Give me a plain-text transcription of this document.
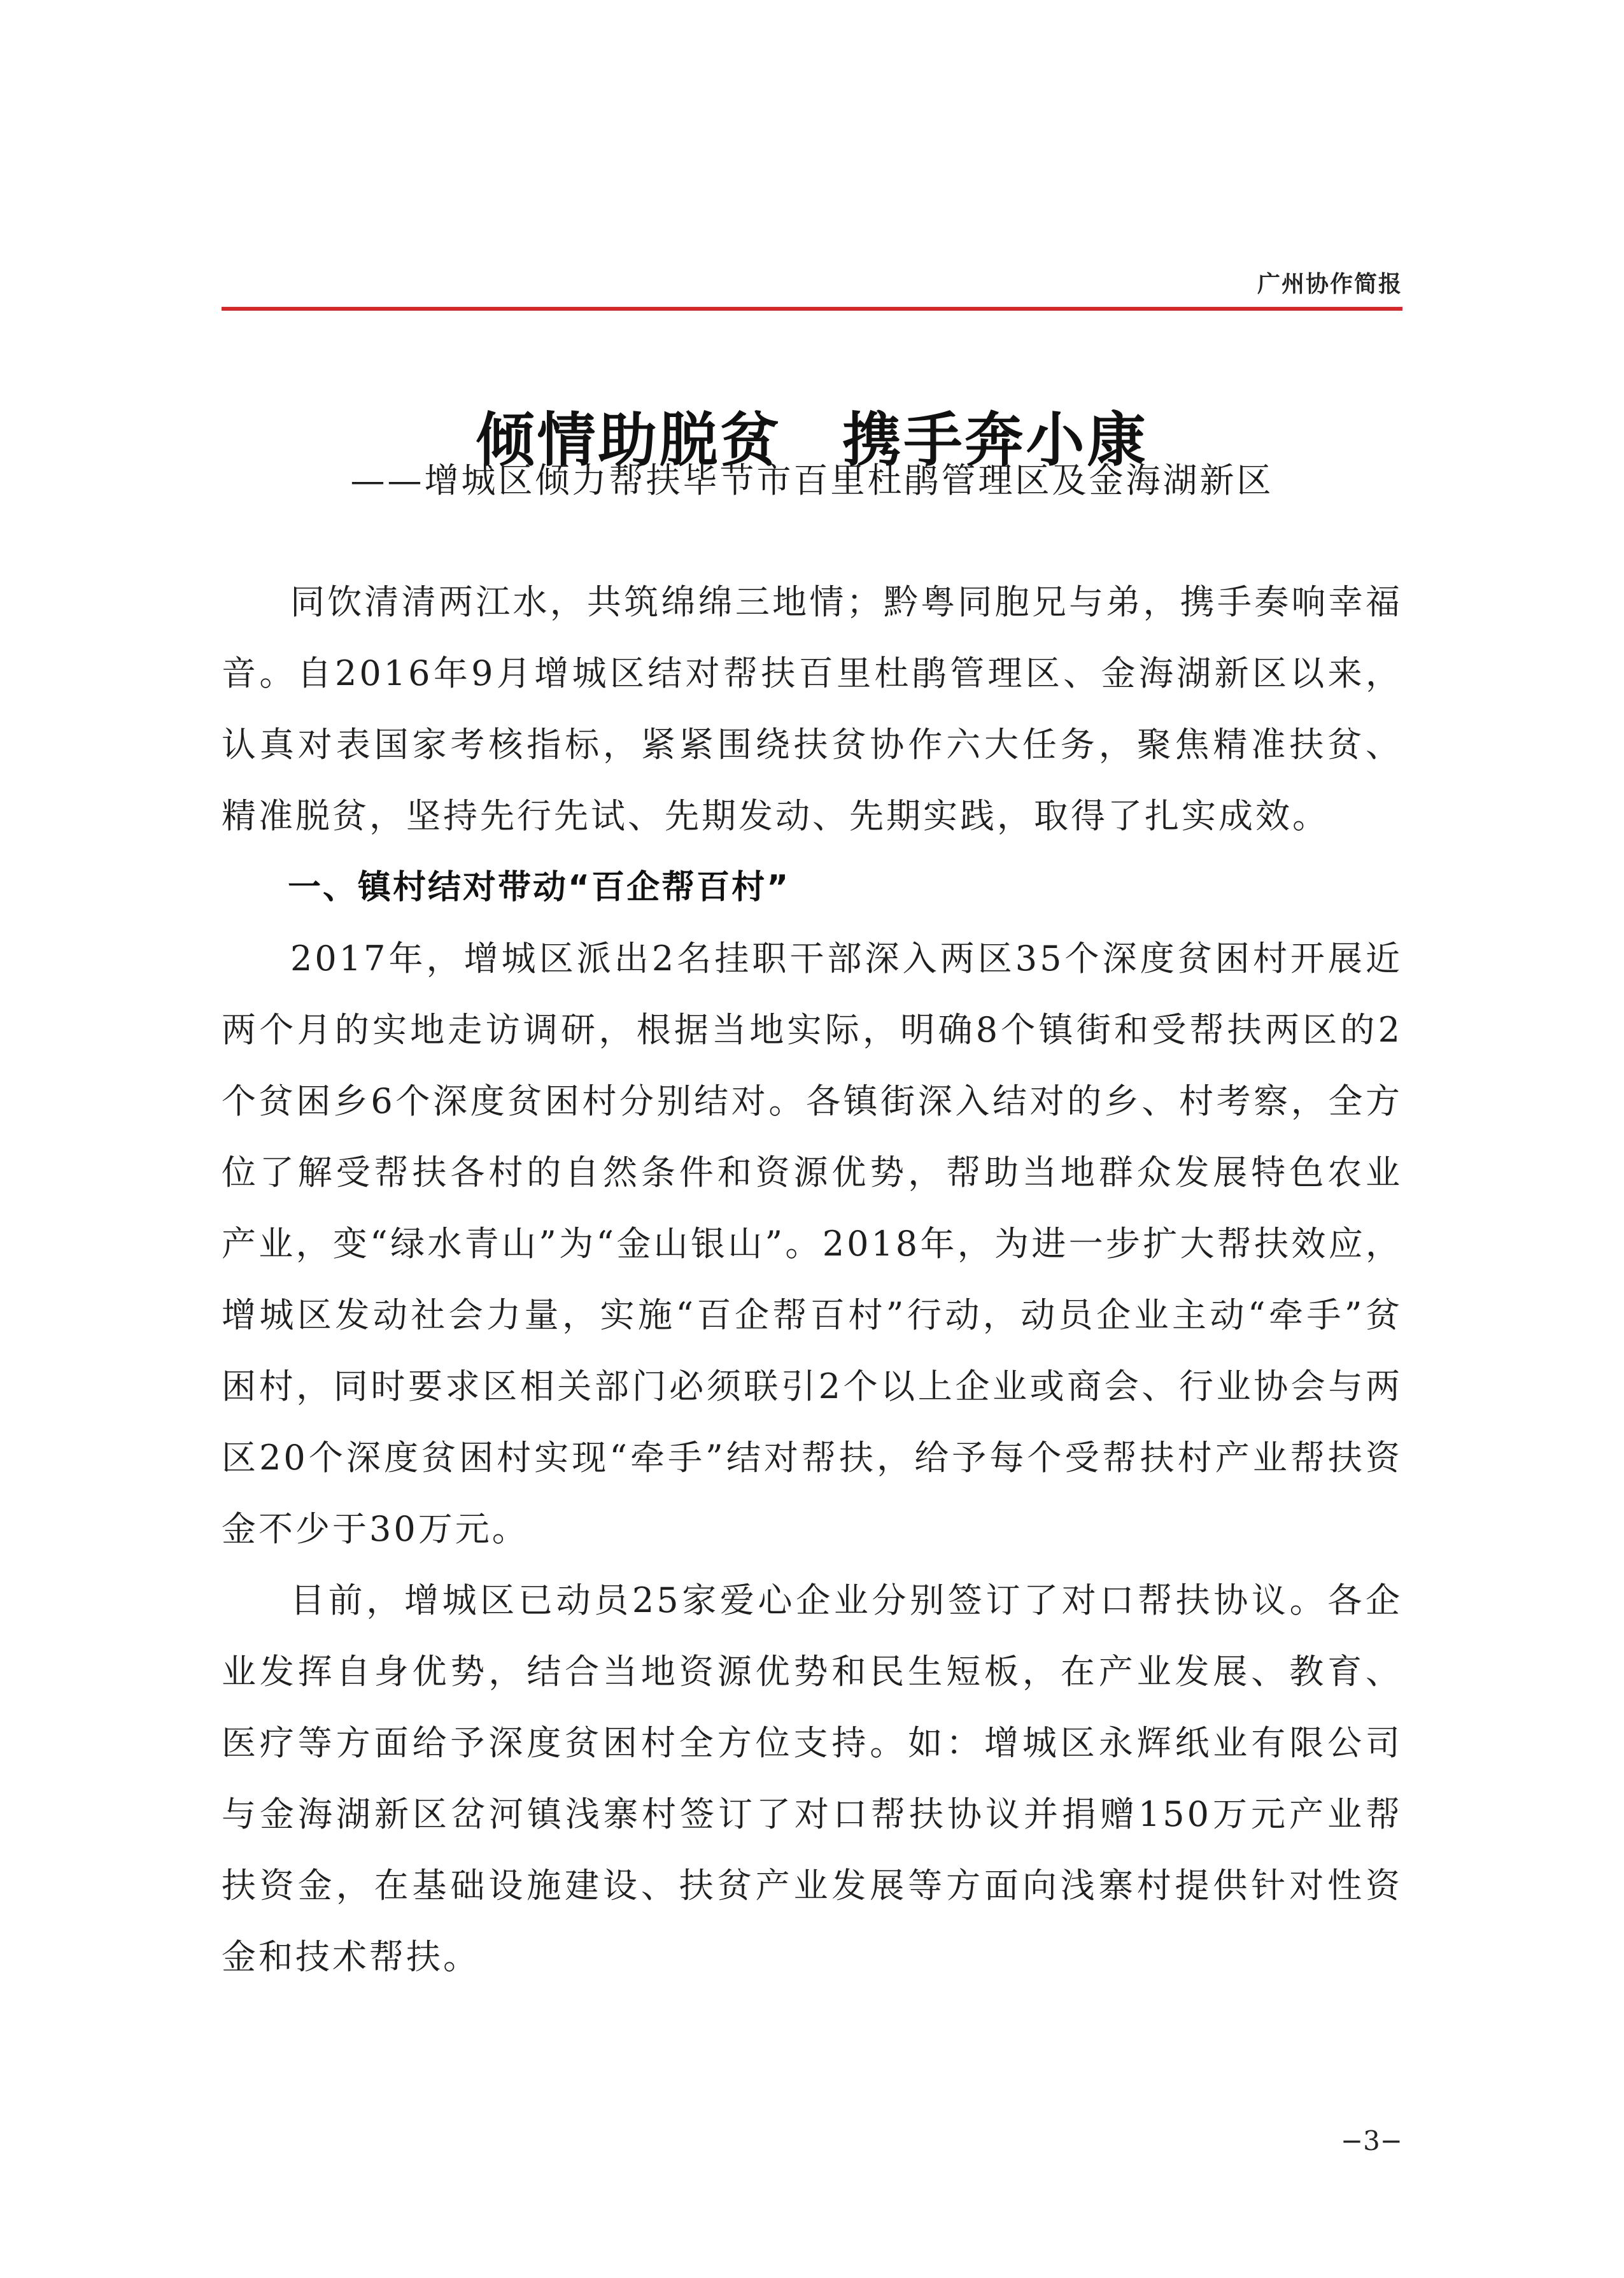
广州协作简报
倾情助脱贫　携手奔小康
——增城区倾力帮扶毕节市百里杜鹃管理区及金海湖新区

同饮清清两江水，共筑绵绵三地情；黔粤同胞兄与弟，携手奏响幸福音。自2016年9月增城区结对帮扶百里杜鹃管理区、金海湖新区以来，认真对表国家考核指标，紧紧围绕扶贫协作六大任务，聚焦精准扶贫、精准脱贫，坚持先行先试、先期发动、先期实践，取得了扎实成效。

一、镇村结对带动“百企帮百村”

2017年，增城区派出2名挂职干部深入两区35个深度贫困村开展近两个月的实地走访调研，根据当地实际，明确8个镇街和受帮扶两区的2个贫困乡6个深度贫困村分别结对。各镇街深入结对的乡、村考察，全方位了解受帮扶各村的自然条件和资源优势，帮助当地群众发展特色农业产业，变“绿水青山”为“金山银山”。2018年，为进一步扩大帮扶效应，增城区发动社会力量，实施“百企帮百村”行动，动员企业主动“牵手”贫困村，同时要求区相关部门必须联引2个以上企业或商会、行业协会与两区20个深度贫困村实现“牵手”结对帮扶，给予每个受帮扶村产业帮扶资金不少于30万元。

目前，增城区已动员25家爱心企业分别签订了对口帮扶协议。各企业发挥自身优势，结合当地资源优势和民生短板，在产业发展、教育、医疗等方面给予深度贫困村全方位支持。如：增城区永辉纸业有限公司与金海湖新区岔河镇浅寨村签订了对口帮扶协议并捐赠150万元产业帮扶资金，在基础设施建设、扶贫产业发展等方面向浅寨村提供针对性资金和技术帮扶。

−3−
